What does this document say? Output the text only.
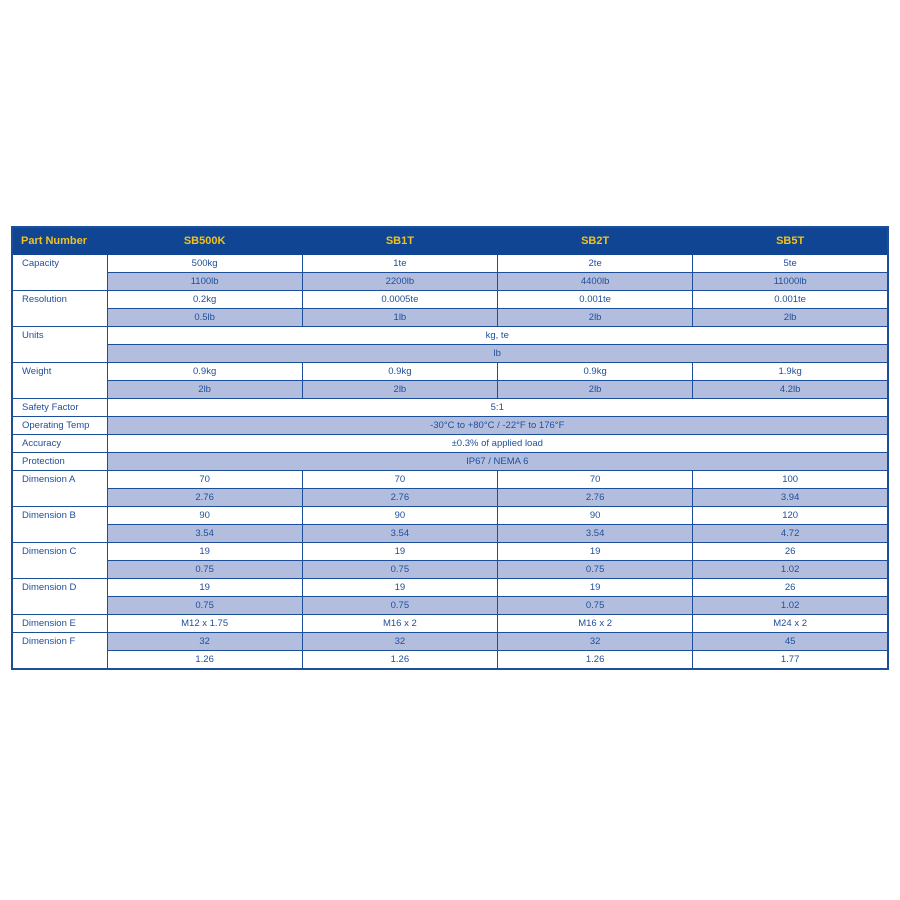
Part Number	SB500K	SB1T	SB2T	SB5T
Capacity	500kg	1te	2te	5te
	1100lb	2200lb	4400lb	11000lb
Resolution	0.2kg	0.0005te	0.001te	0.001te
	0.5lb	1lb	2lb	2lb
Units	kg, te			
	lb			
Weight	0.9kg	0.9kg	0.9kg	1.9kg
	2lb	2lb	2lb	4.2lb
Safety Factor	5:1			
Operating Temp	-30°C to +80°C / -22°F to 176°F			
Accuracy	±0.3% of applied load			
Protection	IP67 / NEMA 6			
Dimension A	70	70	70	100
	2.76	2.76	2.76	3.94
Dimension B	90	90	90	120
	3.54	3.54	3.54	4.72
Dimension C	19	19	19	26
	0.75	0.75	0.75	1.02
Dimension D	19	19	19	26
	0.75	0.75	0.75	1.02
Dimension E	M12 x 1.75	M16 x 2	M16 x 2	M24 x 2
Dimension F	32	32	32	45
	1.26	1.26	1.26	1.77
